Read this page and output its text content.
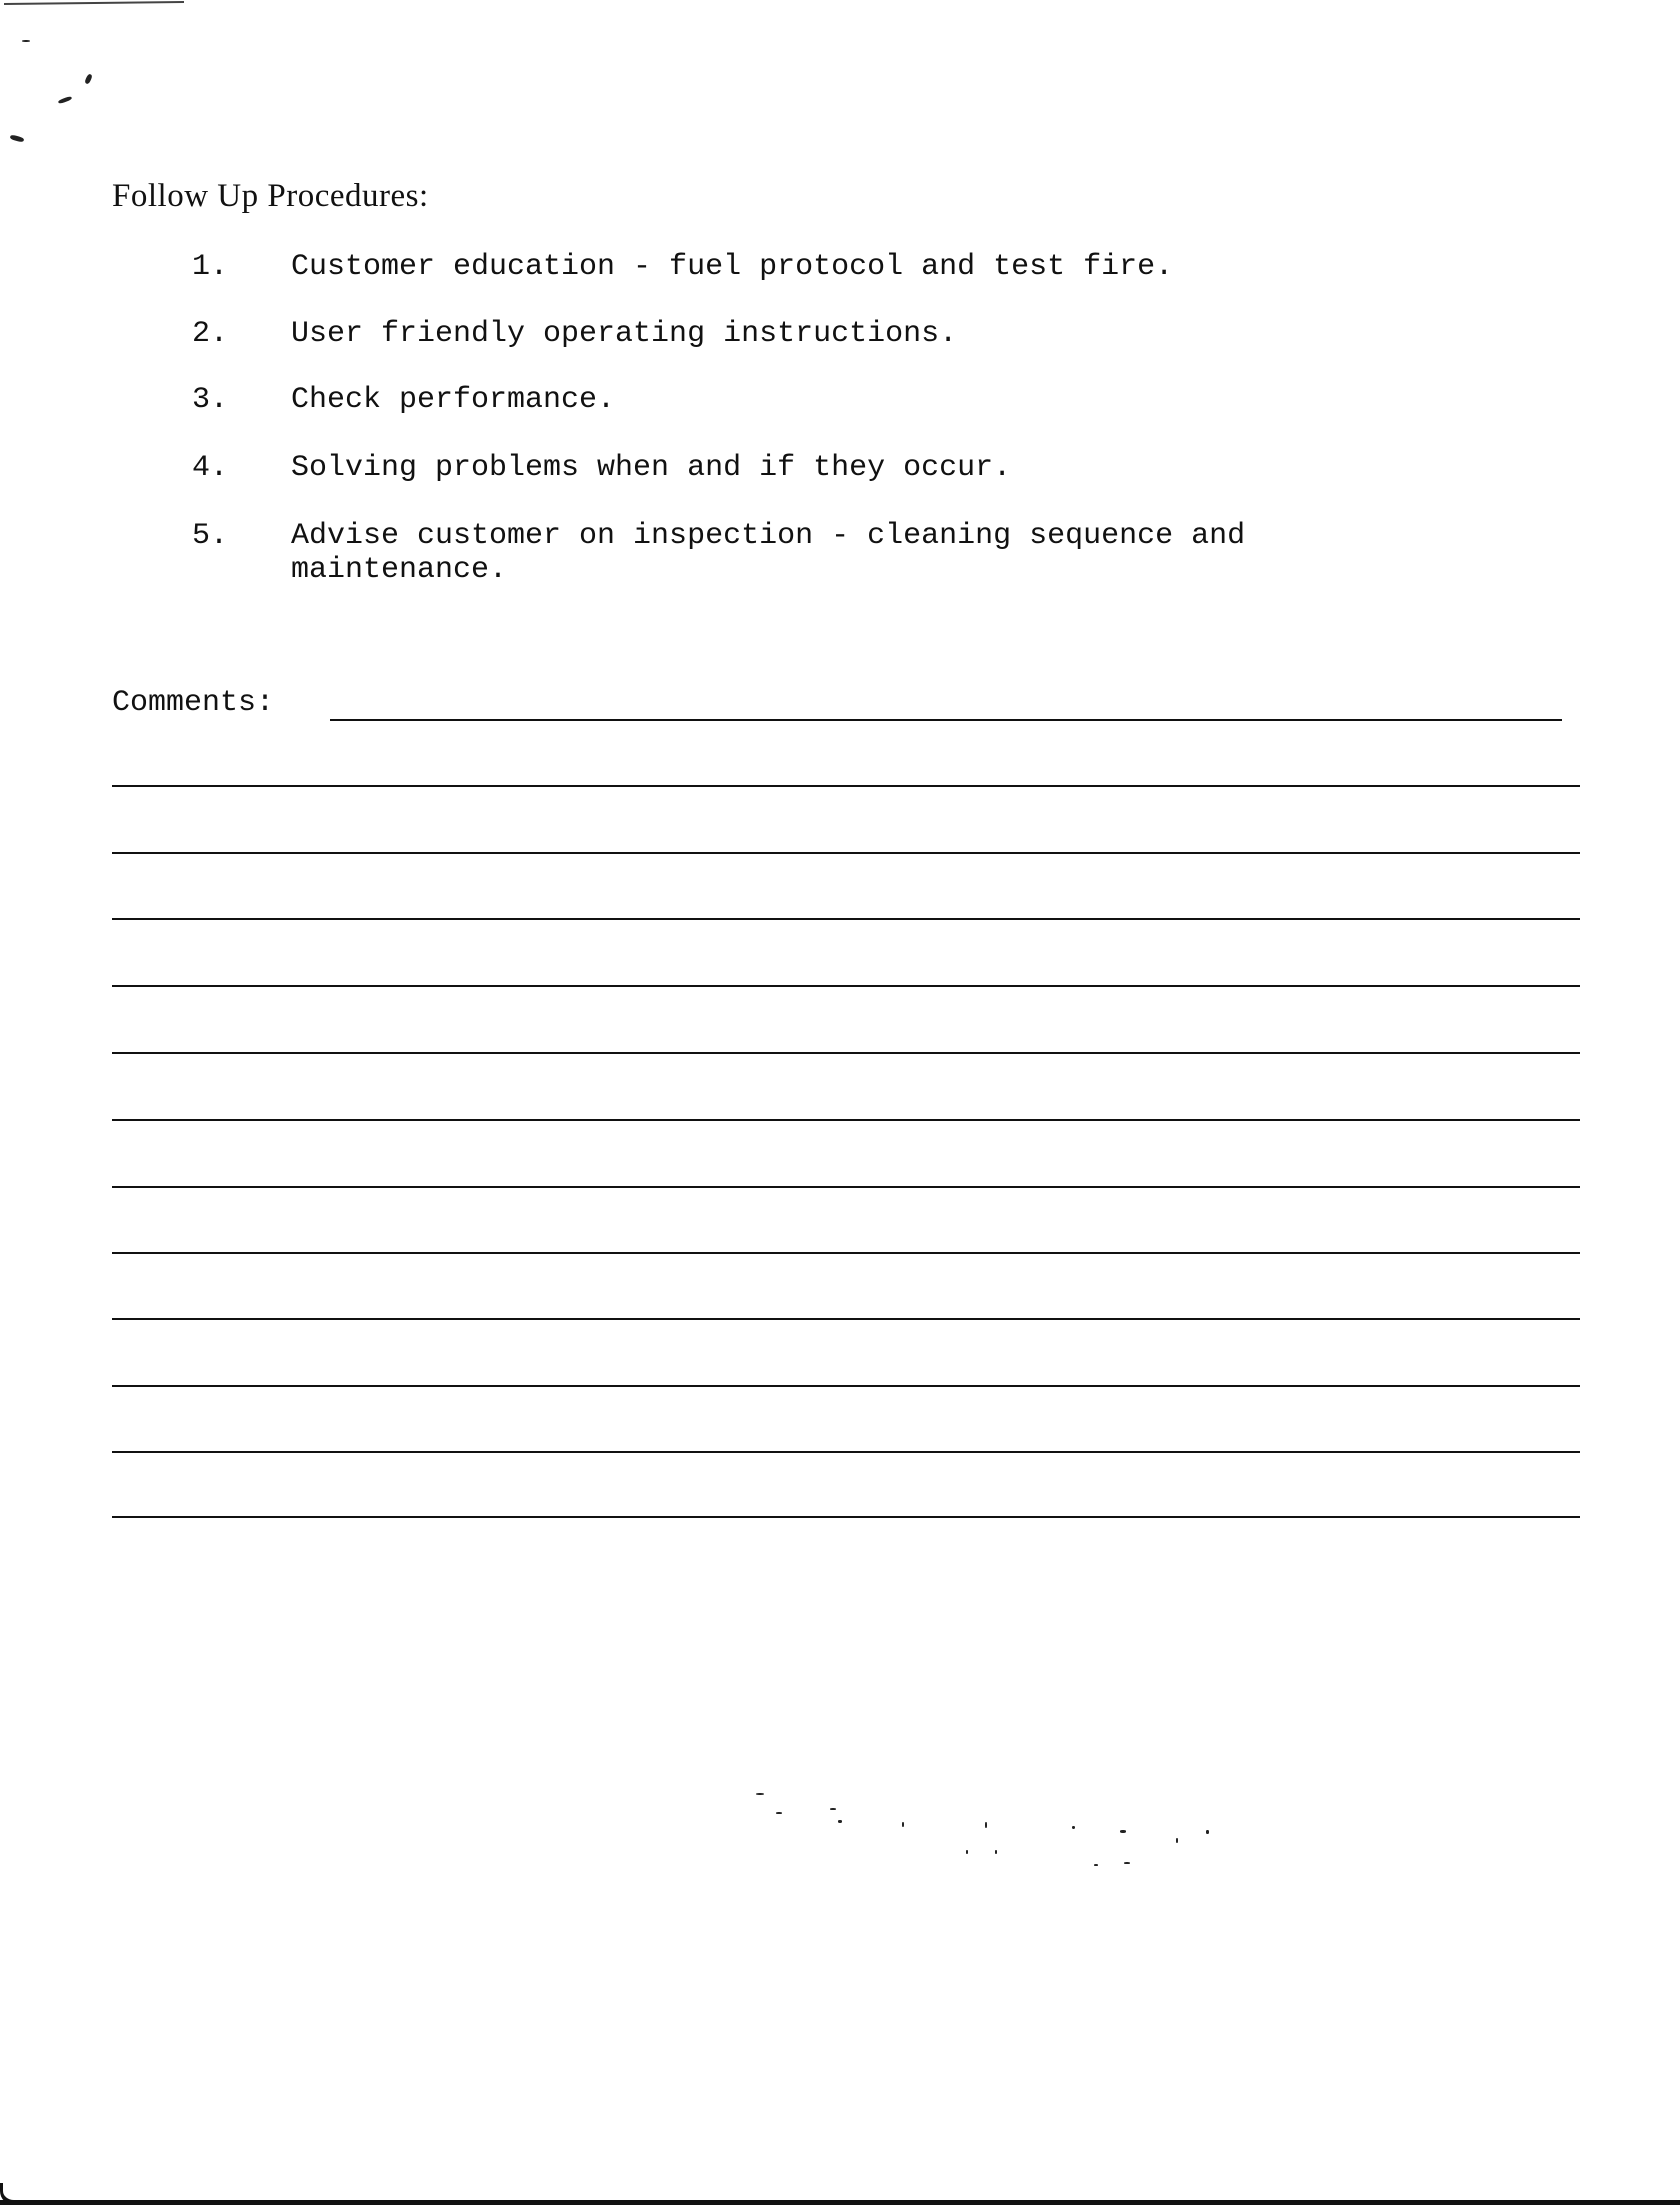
Follow Up Procedures:
1. Customer education - fuel protocol and test fire.
2. User friendly operating instructions.
3. Check performance.
4. Solving problems when and if they occur.
5. Advise customer on inspection - cleaning sequence and
maintenance.
Comments:
